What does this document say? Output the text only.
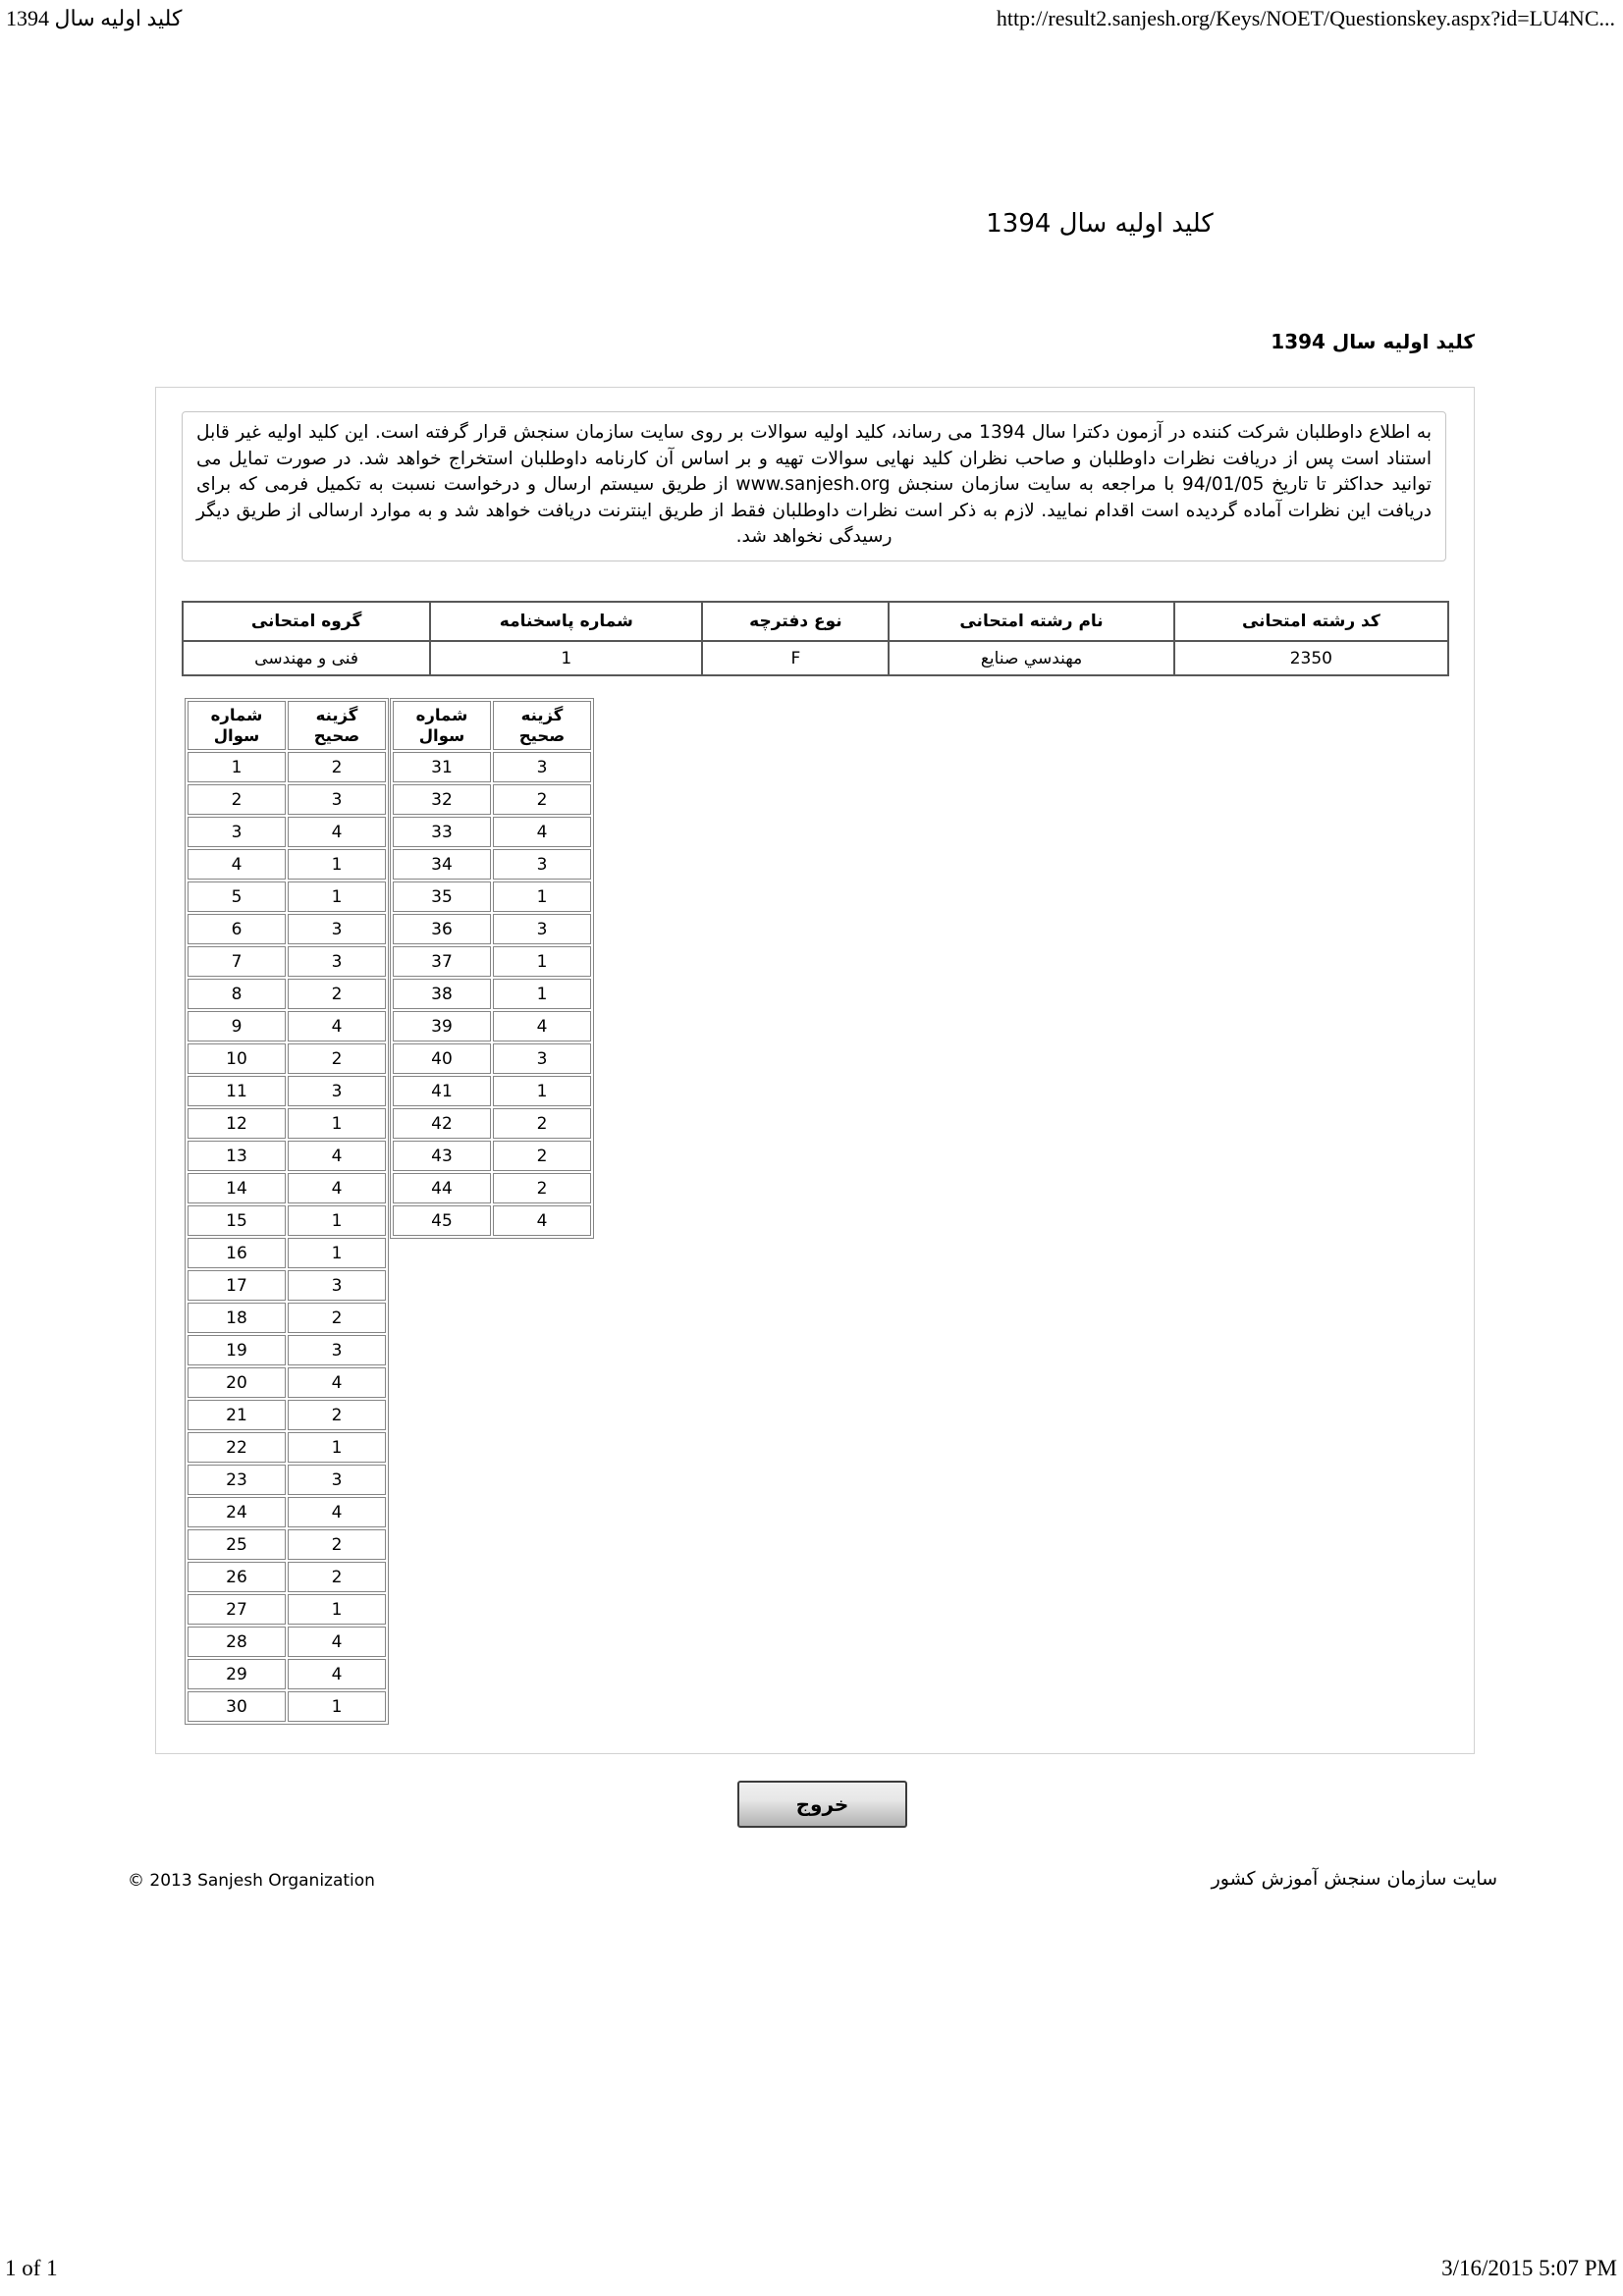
کلید اولیه سال 1394	http://result2.sanjesh.org/Keys/NOET/Questionskey.aspx?id=LU4NC...
کلید اولیه سال 1394
کلید اولیه سال 1394
به اطلاع داوطلبان شرکت کننده در آزمون دکترا سال 1394 می رساند، کلید اولیه سوالات بر روی سایت سازمان سنجش قرار گرفته است. این کلید اولیه غیر قابل استناد است پس از دریافت نظرات داوطلبان و صاحب نظران کلید نهایی سوالات تهیه و بر اساس آن کارنامه داوطلبان استخراج خواهد شد. در صورت تمایل می توانید حداکثر تا تاریخ 94/01/05 با مراجعه به سایت سازمان سنجش www.sanjesh.org از طریق سیستم ارسال و درخواست نسبت به تکمیل فرمی که برای دریافت این نظرات آماده گردیده است اقدام نمایید. لازم به ذکر است نظرات داوطلبان فقط از طریق اینترنت دریافت خواهد شد و به موارد ارسالی از طریق دیگر رسیدگی نخواهد شد.
کد رشته امتحانی	نام رشته امتحانی	نوع دفترچه	شماره پاسخنامه	گروه امتحانی
2350	مهندسي صنايع	F	1	فنی و مهندسی
شماره سوال	گزینه صحیح
1	2
2	3
3	4
4	1
5	1
6	3
7	3
8	2
9	4
10	2
11	3
12	1
13	4
14	4
15	1
16	1
17	3
18	2
19	3
20	4
21	2
22	1
23	3
24	4
25	2
26	2
27	1
28	4
29	4
30	1
شماره سوال	گزینه صحیح
31	3
32	2
33	4
34	3
35	1
36	3
37	1
38	1
39	4
40	3
41	1
42	2
43	2
44	2
45	4
خروج
© 2013 Sanjesh Organization	سایت سازمان سنجش آموزش کشور
1 of 1	3/16/2015 5:07 PM
